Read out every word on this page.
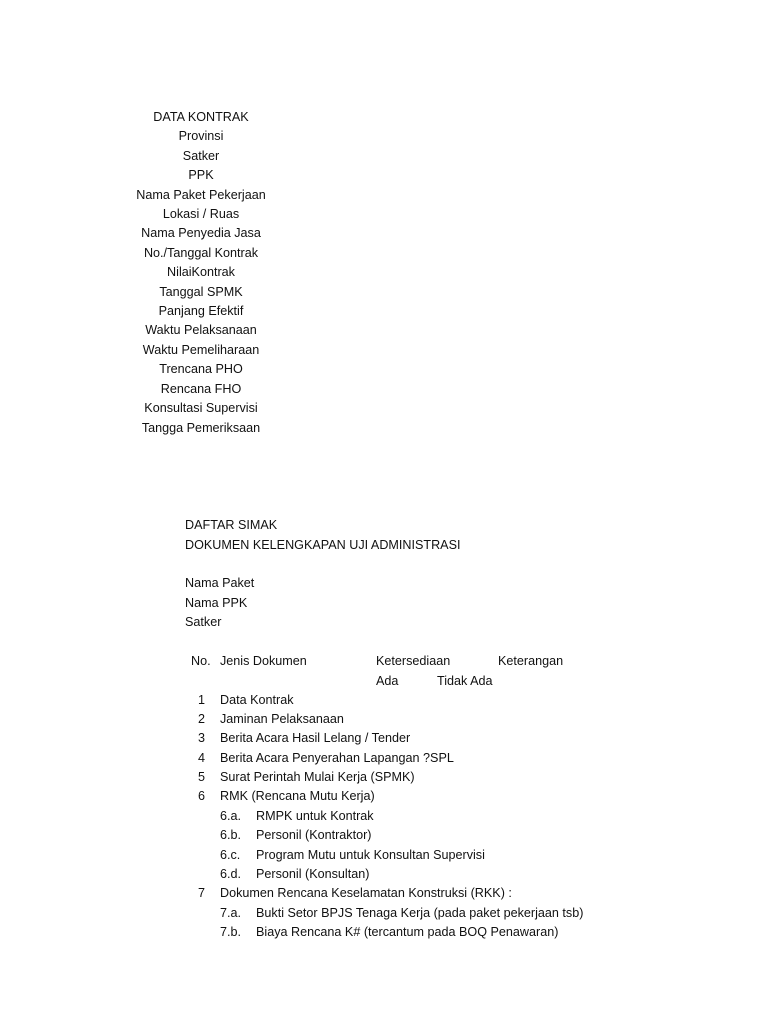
DATA KONTRAK
Provinsi
Satker
PPK
Nama Paket Pekerjaan
Lokasi / Ruas
Nama Penyedia Jasa
No./Tanggal Kontrak
NilaiKontrak
Tanggal SPMK
Panjang Efektif
Waktu Pelaksanaan
Waktu Pemeliharaan
Trencana PHO
Rencana FHO
Konsultasi Supervisi
Tangga Pemeriksaan
DAFTAR SIMAK
DOKUMEN KELENGKAPAN UJI ADMINISTRASI
Nama Paket
Nama PPK
Satker
No. Jenis Dokumen	Ketersediaan	Keterangan
Ada	Tidak Ada
1 Data Kontrak
2 Jaminan Pelaksanaan
3 Berita Acara Hasil Lelang / Tender
4 Berita Acara Penyerahan Lapangan ?SPL
5 Surat Perintah Mulai Kerja (SPMK)
6 RMK (Rencana Mutu Kerja)
6.a. RMPK untuk Kontrak
6.b. Personil (Kontraktor)
6.c. Program Mutu untuk Konsultan Supervisi
6.d. Personil (Konsultan)
7 Dokumen Rencana Keselamatan Konstruksi (RKK) :
7.a. Bukti Setor BPJS Tenaga Kerja (pada paket pekerjaan tsb)
7.b. Biaya Rencana K# (tercantum pada BOQ Penawaran)
